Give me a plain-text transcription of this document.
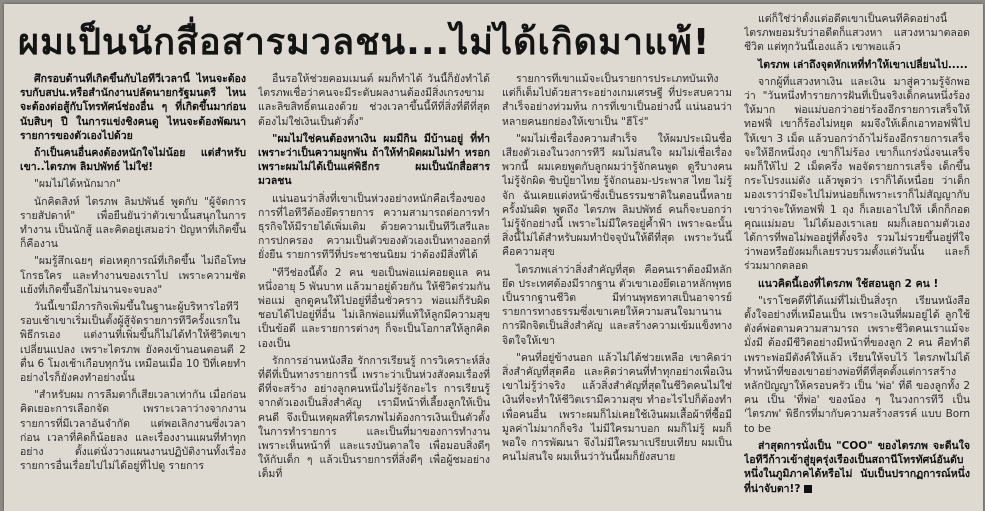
ผมเป็นนักสื่อสารมวลชน...ไม่ได้เกิดมาแพ้!

ศึกรอบด้านที่เกิดขึ้นกับไอทีวีเวลานี้ ไหนจะต้องรบกับสปน.หรือสำนักงานปลัดนายกรัฐมนตรี ไหนจะต้องต่อสู้กับโทรทัศน์ช่องอื่น ๆ ที่เกิดขึ้นมาก่อนนับสิบๆ ปี ในการแข่งชิงคนดู ไหนจะต้องพัฒนารายการของตัวเองไปด้วย

ถ้าเป็นคนอื่นคงต้องหนักใจไม่น้อย แต่สำหรับเขา..ไตรภพ ลิมปพัทธ์ ไม่ใช่!

"ผมไม่ได้หนักมาก"

นักคิดสิงห์ ไตรภพ ลิมปพันธ์ พูดกับ "ผู้จัดการรายสัปดาห์" เพื่อยืนยันว่าตัวเขานั้นสนุกในการทำงาน เป็นนักสู้ และคิดอยู่เสมอว่า ปัญหาที่เกิดขึ้นก็คืองาน

"ผมรู้สึกเฉยๆ ต่อเหตุการณ์ที่เกิดขึ้น ไม่ถือโทษโกรธใคร และทำงานของเราไป เพราะความชัดแย้งที่เกิดขึ้นอีกไม่นานจะจบลง"

วันนี้เขามีภารกิจเพิ่มขึ้นในฐานะผู้บริหารไอทีวี รอบเช้าเขาเริ่มเป็นตั้งผู้สู้จัดรายการทีวีครั้งแรกในพิธีกรเอง แต่งานที่เพิ่มขึ้นก็ไม่ได้ทำให้ชีวิตเขาเปลี่ยนแปลง เพราะไตรภพ ยังคงเข้านอนตอนตี 2 ตื่น 6 โมงเช้าเกือบทุกวัน เหมือนเมื่อ 10 ปีที่เคยทำอย่างไรก็ยังคงทำอย่างนั้น

"สำหรับผม การลืมตาก็เสียเวลาเท่ากัน เมื่อก่อนคิดเยอะการเลือกจัด เพราะเวลาว่างจากงานรายการที่มีเวลาอันจำกัด แต่พอเลิกงานซึ่งเวลาก่อน เวลาที่คิดก็น้อยลง และเรื่องงานแผนที่ทำทุกอย่าง ตั้งแต่นั่งวางแผนงานปฏิบัติงานทั้งเรื่องรายการอื่นเรื่อยไปไม่ได้อยู่ที่ไปดู รายการ

อื่นรอให้ช่วยคอมเมนต์ ผมก็ทำได้ วันนี้ก็ยังทำได้ ไตรภพเชื่อว่าคนจะมีระดับผลงานต้องมีสิ่งเกรงขามและลิขสิทธิ์ตนเองด้วย ช่วงเวลาขึ้นนี้ทีที่สิ่งที่ดีที่สุดต้องไม่ใช่เงินเป็นตัวตั้ง"

"ผมไม่ใช่คนต้องหาเงิน ผมมีกิน มีบ้านอยู่ ที่ทำเพราะว่าเป็นความผูกพัน ถ้าให้ทำผิดผมไม่ทำ หรอก เพราะผมไม่ได้เป็นแค่พิธีกร ผมเป็นนักสื่อสารมวลชน

แน่นอนว่าสิ่งที่เขาเป็นห่วงอย่างหนักคือเรื่องของการที่ไอทีวีต้องยึดรายการ ความสามารถต่อการทำธุรกิจให้มีรายได้เพิ่มเติม ด้วยความเป็นทีวีเสรีและการปกครอง ความเป็นตัวของตัวเองเป็นทางออกที่ยั่งยืน รายการทีวีที่ประชาชนนิยม ว่าต้องมีสิ่งที่ได้

"ทีวีช่องนี้ตั้ง 2 คน ขอเป็นพ่อแม่คอยดูแล คนหนึ่งอายุ 5 พันบาท แล้วมาอยู่ด้วยกัน ให้ชีวิตร่วมกันพ่อแม่ ลูกดูคนให้ไปอยู่ที่อื่นชั่วคราว พ่อแม่ก็รับผิดชอบได้ไปอยู่ที่อื่น ไม่เลิกพ่อแม่ที่แท้ให้ลูกมีความสุข เป็นข้อดี และรายการต่างๆ ก็จะเป็นโอกาสให้ลูกคิดเองเป็น

รักการอ่านหนังสือ รักการเรียนรู้ การวิเคราะห์สิ่งที่ดีที่เป็นทางรายการนี้ เพราะว่าเป็นห่วงสังคมเรื่องที่ดีที่จะสร้าง อย่างลูกคนหนึ่งไม่รู้จักอะไร การเรียนรู้จากตัวเองเป็นสิ่งสำคัญ เรามีหน้าที่เลี้ยงลูกให้เป็นคนดี จึงเป็นเหตุผลที่ไตรภพไม่ต้องการเงินเป็นตัวตั้งในการทำรายการ และเป็นที่มาของการทำงาน เพราะเห็นหน้าที่ และแรงบันดาลใจ เพื่อมอบสิ่งดีๆ ให้กับเด็ก ๆ แล้วเป็นรายการที่สิ่งดีๆ เพื่อผู้ชมอย่างเต็มที่

รายการที่เขาแม้จะเป็นรายการประเภทบันเทิง แต่ก็เต็มไปด้วยสาระอย่างเกมเศรษฐี ที่ประสบความสำเร็จอย่างท่วมท้น การที่เขาเป็นอย่างนี้ แน่นอนว่าหลายคนยกย่องให้เขาเป็น "ฮีโร่"

"ผมไม่เชื่อเรื่องความสำเร็จ ให้ผมประเมินชื่อเสียงตัวเองในวงการทีวี ผมไม่สนใจ ผมไม่เชื่อเรื่องพวกนี้ ผมเคยพูดกับลูกผมว่ารู้จักคนพูด ดูรีบางคนไม่รู้จักผิด ชิบปู้ยาไทย รู้จักถนอม-ประพาส ไทย ไม่รู้จัก ฉันเคยแต่งหน้าซึ่งเป็นธรรมชาติในตอนนี้หลายครั้งมันผิด พูดถึง ไตรภพ ลิมปพัทธ์ คนก็จะบอกว่าไม่รู้จักอย่างนี้ เพราะไม่มีใครอยู่ค้ำฟ้า เพราะฉะนั้นสิ่งนี้ไม่ได้สำหรับผมทำปัจจุบันให้ดีที่สุด เพราะวันนี้คือความสุข

ไตรภพเล่าว่าสิ่งสำคัญที่สุด คือคนเราต้องมีหลักยึด ประเทศต้องมีรากฐาน ตัวเขาเองยึดเอาหลักพุทธเป็นรากฐานชีวิต มีท่านพุทธทาสเป็นอาจารย์รายการทางธรรมซึ่งเขาเคยให้ความสนใจมานาน การฝึกจิตเป็นสิ่งสำคัญ และสร้างความเข้มแข็งทางจิตใจให้เขา

"คนที่อยู่ข้างนอก แล้วไม่ได้ช่วยเหลือ เขาคิดว่าสิ่งสำคัญที่สุดคือ และคิดว่าคนที่ทำทุกอย่างเพื่อเงินเขาไม่รู้ว่าจริง แล้วสิ่งสำคัญที่สุดในชีวิตคนไม่ใช่เงินที่จะทำให้ชีวิตเรามีความสุข ทำอะไรไปก็ต้องทำเพื่อคนอื่น เพราะผมก็ไม่เคยใช้เงินผมเสื้อผ้าที่ซื้อมีมูลค่าไม่มากก็จริง ไม่มีใครมาบอก ผมก็ไม่รู้ ผมก็พอใจ การพัฒนา จึงไม่มีใครมาเปรียบเทียบ ผมเป็นคนไม่สนใจ ผมเห็นว่าวันนี้ผมก็ยังสบาย

แต่ก็ใช่ว่าตั้งแต่อดีตเขาเป็นคนที่คิดอย่างนี้ ไตรภพยอมรับว่าอดีตก็แสวงหา แสวงหามาตลอดชีวิต แต่ทุกวันนี้เองแล้ว เขาพอแล้ว

ไตรภพ เล่าถึงจุดหักเหที่ทำให้เขาเปลี่ยนไป.....

จากผู้ที่แสวงหาเงิน และเงิน มาสู่ความรู้จักพอว่า "วันหนึ่งทำรายการฝันที่เป็นจริงเด็กคนหนึ่งร้องให้มาก พ่อแม่บอกว่าอย่าร้องอีกรายการเสร็จให้ทอฟฟี่ เขาก็ร้องไม่หยุด ผมจึงให้เด็กเอาทอฟฟี่ไปให้เขา 3 เม็ด แล้วบอกว่าถ้าไม่ร้องอีกรายการเสร็จจะให้อีกหนึ่งถุง เขาก็ไม่ร้อง เขาก็แกร่งนั่งจนเสร็จ ผมก็ให้ไป 2 เม็ดครึ่ง พอจัดรายการเสร็จ เด็กขึ้นกระโปรงแม่ดัง แล้วพูดว่า เราก็ได้เหนื่อย ว่าเด็กมองเราว่ามีจะไปไม่หน่อยก็เพราะเราก็ไม่สัญญากับเขาว่าจะให้ทอฟฟี่ 1 ถุง ก็เลยเอาไปให้ เด็กก็กอดคุณแม่มอบ ไม่ได้มองเราเลย ผมก็เลยถามตัวเอง ได้การที่พอไม่พออยู่ที่ตั้งจริง รวมไม่รวยขึ้นอยู่ที่ใจว่าพอหรือยังผมก็เลยรวบรวมตั้งแต่วันนั้น และก็ร่วมมากตลอด

แนวคิดนี้เองที่ไตรภพ ใช้สอนลูก 2 คน !

"เราโชคดีที่ได้แม่ที่ไม่เป็นสิ่งรุก เรียนหนังสือตั้งใจอย่างที่เหมือนเป็น เพราะเงินที่ผมอยู่ได้ ลูกใช้ตังค์พ่อตามความสามารถ เพราะชีวิตคนเราแม้จะมั่งมี ต้องมีชีวิตอย่างมีหน้าที่ของลูก 2 คน คือทำดี เพราะพ่อมีตังค์ให้แล้ว เรียนให้จบไว้ ไตรภพไม่ได้ทำหน้าที่ของเขาอย่างพ่อที่ดีที่สุดตั้งแต่การสร้างหลักปัญญาให้ครอบครัว เป็น 'พ่อ' ที่ดี ของลูกทั้ง 2 คน เป็น 'ที่พ่อ' ของน้อง ๆ ในวงการทีวี เป็น 'ไตรภพ' พิธีกรที่มากับความสร้างสรรค์ แบบ Born to be

ส่าสุดการนั่งเป็น "COO" ของไตรภพ จะดีนใจ ไอทีวีก้าวเข้าสู่ยุครุ่งเรืองเป็นสถานีโทรทัศน์อันดับหนึ่งในภูมิภาคได้หรือไม่ นับเป็นปรากฏการณ์หนึ่งที่น่าจับตา!?
